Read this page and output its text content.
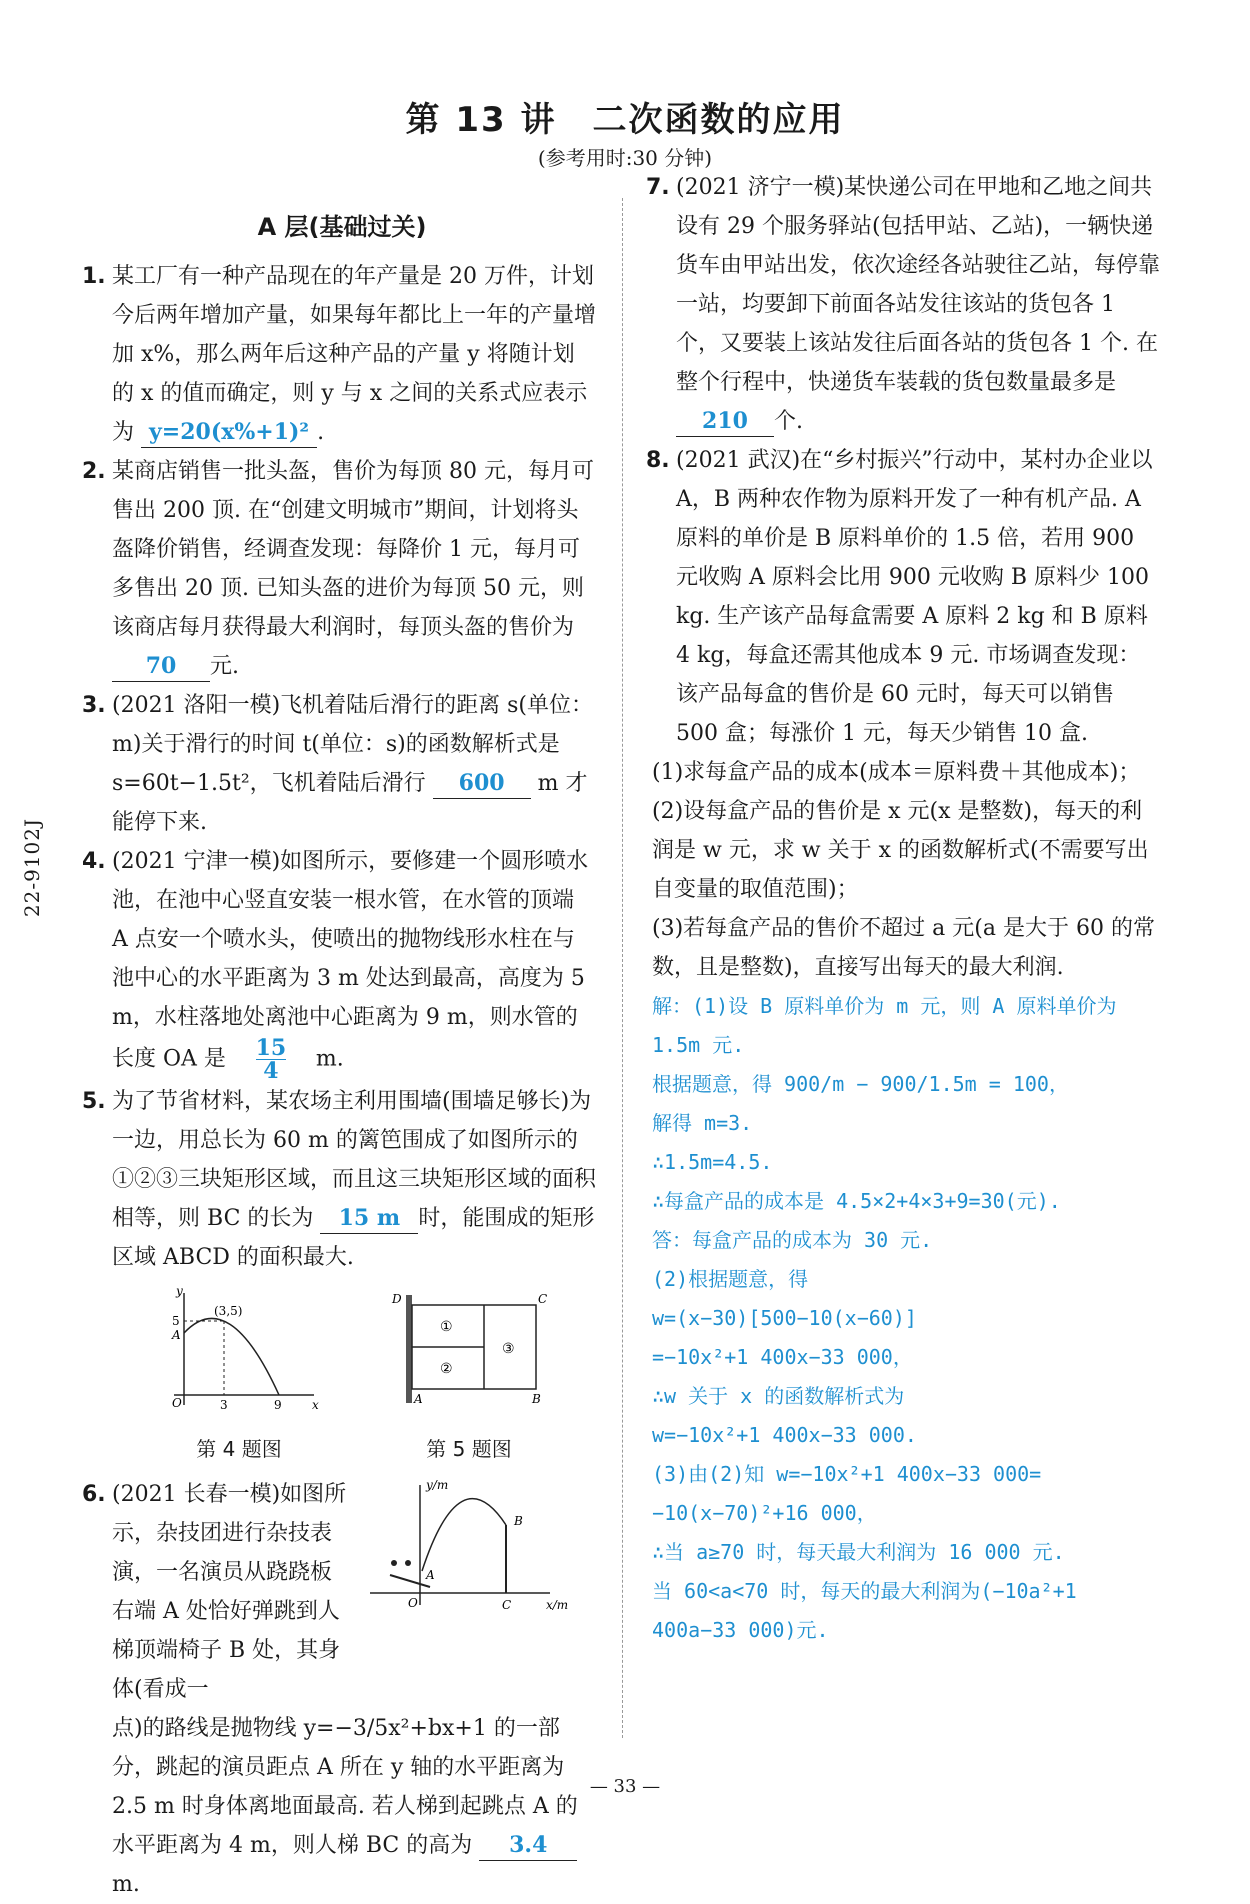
第 13 讲　二次函数的应用
(参考用时:30 分钟)
22-9102J
A 层(基础过关)

1. 某工厂有一种产品现在的年产量是 20 万件，计划今后两年增加产量，如果每年都比上一年的产量增加 x%，那么两年后这种产品的产量 y 将随计划的 x 的值而确定，则 y 与 x 之间的关系式应表示为 y=20(x%+1)² .

2. 某商店销售一批头盔，售价为每顶 80 元，每月可售出 200 顶. 在“创建文明城市”期间，计划将头盔降价销售，经调查发现：每降价 1 元，每月可多售出 20 顶. 已知头盔的进价为每顶 50 元，则该商店每月获得最大利润时，每顶头盔的售价为 70 元.

3. (2021 洛阳一模)飞机着陆后滑行的距离 s(单位：m)关于滑行的时间 t(单位：s)的函数解析式是 s=60t−1.5t²，飞机着陆后滑行 600 m 才能停下来.

4. (2021 宁津一模)如图所示，要修建一个圆形喷水池，在池中心竖直安装一根水管，在水管的顶端 A 点安一个喷水头，使喷出的抛物线形水柱在与池中心的水平距离为 3 m 处达到最高，高度为 5 m，水柱落地处离池中心距离为 9 m，则水管的长度 OA 是 $\frac{15}{4} m$.

5. 为了节省材料，某农场主利用围墙(围墙足够长)为一边，用总长为 60 m 的篱笆围成了如图所示的①②③三块矩形区域，而且这三块矩形区域的面积相等，则 BC 的长为 15 m 时，能围成的矩形区域 ABCD 的面积最大.

(3,5)
5
A
O	3	9	x
y
第 4 题图
D	C
A	B
①
②
③
第 5 题图
6. (2021 长春一模)如图所示，杂技团进行杂技表演，一名演员从跷跷板右端 A 处恰好弹跳到人梯顶端椅子 B 处，其身体(看成一
y/m
x/m
O
A
B
C
点)的路线是抛物线 y=−3/5x²+bx+1 的一部分，跳起的演员距点 A 所在 y 轴的水平距离为 2.5 m 时身体离地面最高. 若人梯到起跳点 A 的水平距离为 4 m，则人梯 BC 的高为 3.4 m.

7. (2021 济宁一模)某快递公司在甲地和乙地之间共设有 29 个服务驿站(包括甲站、乙站)，一辆快递货车由甲站出发，依次途经各站驶往乙站，每停靠一站，均要卸下前面各站发往该站的货包各 1 个，又要装上该站发往后面各站的货包各 1 个. 在整个行程中，快递货车装载的货包数量最多是 210 个.

8. (2021 武汉)在“乡村振兴”行动中，某村办企业以 A，B 两种农作物为原料开发了一种有机产品. A 原料的单价是 B 原料单价的 1.5 倍，若用 900 元收购 A 原料会比用 900 元收购 B 原料少 100 kg. 生产该产品每盒需要 A 原料 2 kg 和 B 原料 4 kg，每盒还需其他成本 9 元. 市场调查发现：该产品每盒的售价是 60 元时，每天可以销售 500 盒；每涨价 1 元，每天少销售 10 盒.

(1)求每盒产品的成本(成本＝原料费＋其他成本)；

(2)设每盒产品的售价是 x 元(x 是整数)，每天的利润是 w 元，求 w 关于 x 的函数解析式(不需要写出自变量的取值范围)；

(3)若每盒产品的售价不超过 a 元(a 是大于 60 的常数，且是整数)，直接写出每天的最大利润.

解：(1)设 B 原料单价为 m 元，则 A 原料单价为 1.5m 元.
根据题意，得 900/m − 900/1.5m = 100，
解得 m=3.
∴1.5m=4.5.
∴每盒产品的成本是 4.5×2+4×3+9=30(元).
答：每盒产品的成本为 30 元.
(2)根据题意，得
w=(x−30)[500−10(x−60)]
=−10x²+1 400x−33 000，
∴w 关于 x 的函数解析式为
w=−10x²+1 400x−33 000.
(3)由(2)知 w=−10x²+1 400x−33 000=
−10(x−70)²+16 000，
∴当 a≥70 时，每天最大利润为 16 000 元.
当 60<a<70 时，每天的最大利润为(−10a²+1 400a−33 000)元.
— 33 —
